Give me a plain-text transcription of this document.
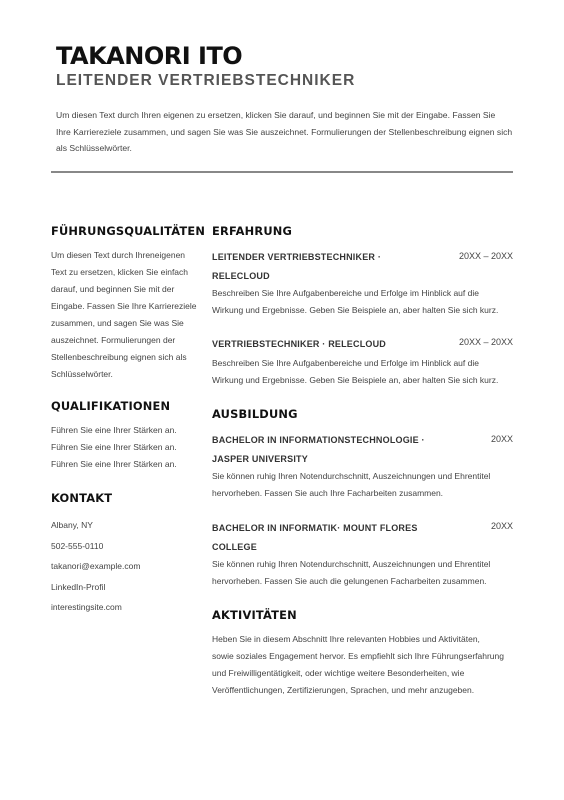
TAKANORI ITO
LEITENDER VERTRIEBSTECHNIKER
Um diesen Text durch Ihren eigenen zu ersetzen, klicken Sie darauf, und beginnen Sie mit der Eingabe. Fassen Sie
Ihre Karriereziele zusammen, und sagen Sie was Sie auszeichnet. Formulierungen der Stellenbeschreibung eignen sich
als Schlüsselwörter.
FÜHRUNGSQUALITÄTEN
Um diesen Text durch Ihreneigenen
Text zu ersetzen, klicken Sie einfach
darauf, und beginnen Sie mit der
Eingabe. Fassen Sie Ihre Karriereziele
zusammen, und sagen Sie was Sie
auszeichnet. Formulierungen der
Stellenbeschreibung eignen sich als
Schlüsselwörter.
QUALIFIKATIONEN
Führen Sie eine Ihrer Stärken an.
Führen Sie eine Ihrer Stärken an.
Führen Sie eine Ihrer Stärken an.
KONTAKT
Albany, NY
502-555-0110
takanori@example.com
LinkedIn-Profil
interestingsite.com
ERFAHRUNG
LEITENDER VERTRIEBSTECHNIKER ·
RELECLOUD
20XX – 20XX
Beschreiben Sie Ihre Aufgabenbereiche und Erfolge im Hinblick auf die
Wirkung und Ergebnisse. Geben Sie Beispiele an, aber halten Sie sich kurz.
VERTRIEBSTECHNIKER · RELECLOUD	20XX – 20XX
Beschreiben Sie Ihre Aufgabenbereiche und Erfolge im Hinblick auf die
Wirkung und Ergebnisse. Geben Sie Beispiele an, aber halten Sie sich kurz.
AUSBILDUNG
BACHELOR IN INFORMATIONSTECHNOLOGIE ·
JASPER UNIVERSITY
20XX
Sie können ruhig Ihren Notendurchschnitt, Auszeichnungen und Ehrentitel
hervorheben. Fassen Sie auch Ihre Facharbeiten zusammen.
BACHELOR IN INFORMATIK· MOUNT FLORES
COLLEGE
20XX
Sie können ruhig Ihren Notendurchschnitt, Auszeichnungen und Ehrentitel
hervorheben. Fassen Sie auch die gelungenen Facharbeiten zusammen.
AKTIVITÄTEN
Heben Sie in diesem Abschnitt Ihre relevanten Hobbies und Aktivitäten,
sowie soziales Engagement hervor. Es empfiehlt sich Ihre Führungserfahrung
und Freiwilligentätigkeit, oder wichtige weitere Besonderheiten, wie
Veröffentlichungen, Zertifizierungen, Sprachen, und mehr anzugeben.
